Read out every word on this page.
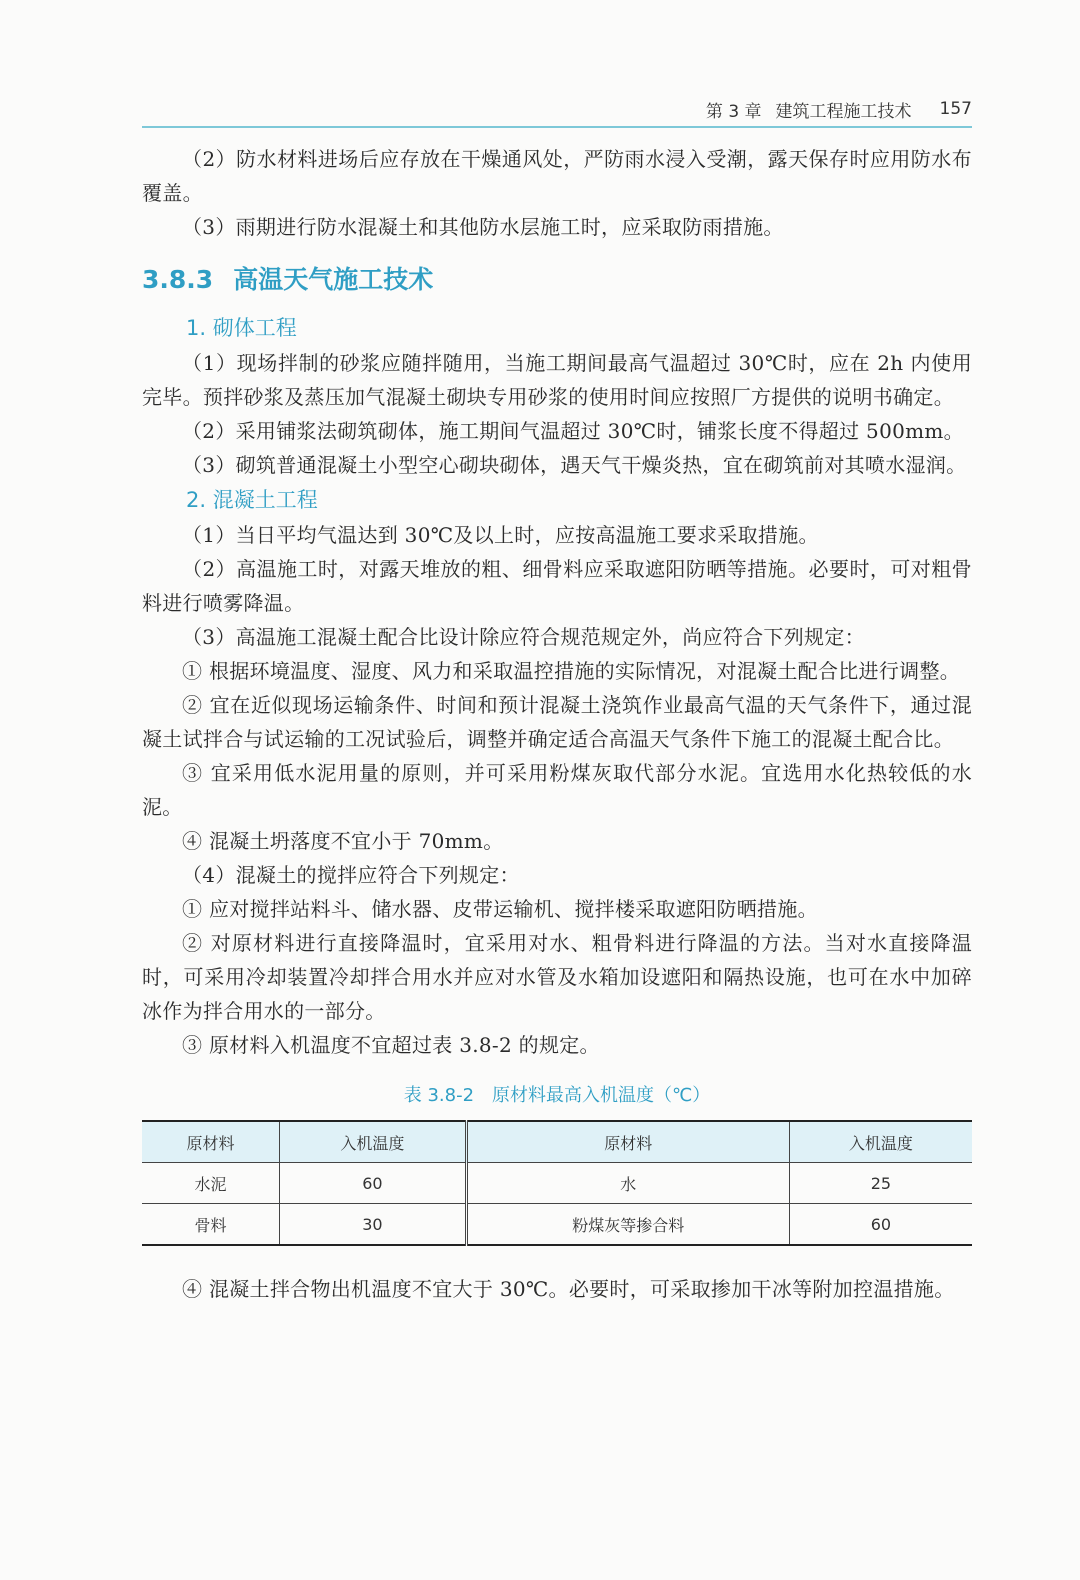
第 3 章 建筑工程施工技术 157

（2）防水材料进场后应存放在干燥通风处，严防雨水浸入受潮，露天保存时应用防水布覆盖。

（3）雨期进行防水混凝土和其他防水层施工时，应采取防雨措施。

3.8.3 高温天气施工技术
1. 砌体工程

（1）现场拌制的砂浆应随拌随用，当施工期间最高气温超过 30℃时，应在 2h 内使用完毕。预拌砂浆及蒸压加气混凝土砌块专用砂浆的使用时间应按照厂方提供的说明书确定。

（2）采用铺浆法砌筑砌体，施工期间气温超过 30℃时，铺浆长度不得超过 500mm。

（3）砌筑普通混凝土小型空心砌块砌体，遇天气干燥炎热，宜在砌筑前对其喷水湿润。

2. 混凝土工程

（1）当日平均气温达到 30℃及以上时，应按高温施工要求采取措施。

（2）高温施工时，对露天堆放的粗、细骨料应采取遮阳防晒等措施。必要时，可对粗骨料进行喷雾降温。

（3）高温施工混凝土配合比设计除应符合规范规定外，尚应符合下列规定：

① 根据环境温度、湿度、风力和采取温控措施的实际情况，对混凝土配合比进行调整。

② 宜在近似现场运输条件、时间和预计混凝土浇筑作业最高气温的天气条件下，通过混凝土试拌合与试运输的工况试验后，调整并确定适合高温天气条件下施工的混凝土配合比。

③ 宜采用低水泥用量的原则，并可采用粉煤灰取代部分水泥。宜选用水化热较低的水泥。

④ 混凝土坍落度不宜小于 70mm。

（4）混凝土的搅拌应符合下列规定：

① 应对搅拌站料斗、储水器、皮带运输机、搅拌楼采取遮阳防晒措施。

② 对原材料进行直接降温时，宜采用对水、粗骨料进行降温的方法。当对水直接降温时，可采用冷却装置冷却拌合用水并应对水管及水箱加设遮阳和隔热设施，也可在水中加碎冰作为拌合用水的一部分。

③ 原材料入机温度不宜超过表 3.8-2 的规定。

表 3.8-2 原材料最高入机温度（℃）
原材料	入机温度	原材料	入机温度
水泥	60	水	25
骨料	30	粉煤灰等掺合料	60

④ 混凝土拌合物出机温度不宜大于 30℃。必要时，可采取掺加干冰等附加控温措施。
